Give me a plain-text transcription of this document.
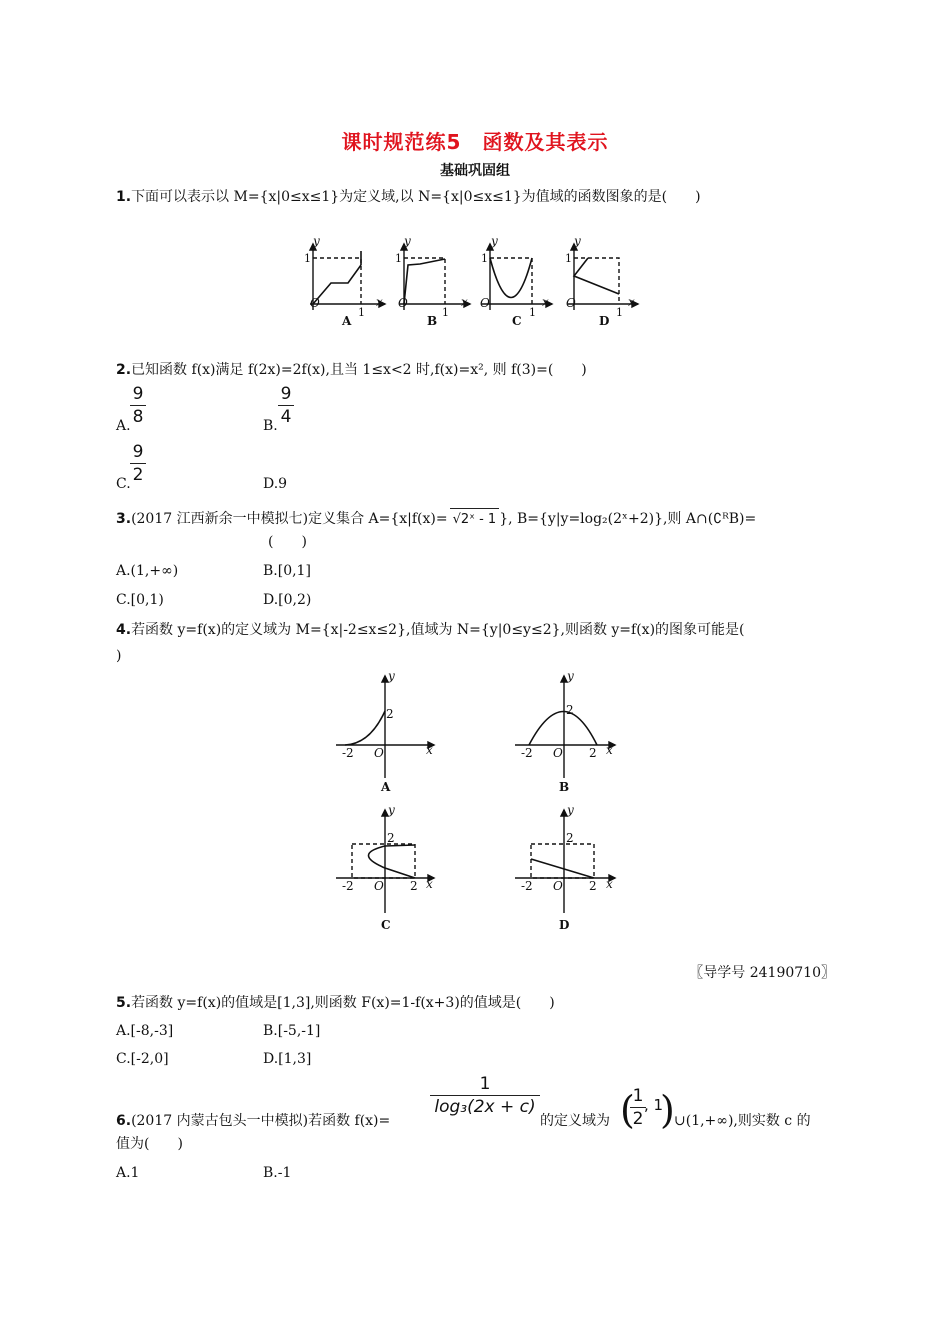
课时规范练5　函数及其表示
基础巩固组
1.下面可以表示以 M={x|0≤x≤1}为定义域,以 N={x|0≤x≤1}为值域的函数图象的是(　　)
y
x
O
y
x
O
y
x
O
y
x
O
1
1
1
1
1
1
1
1
A	B	C	D
2.已知函数 f(x)满足 f(2x)=2f(x),且当 1≤x<2 时,f(x)=x², 则 f(3)=(　　)
A.
9
8	B.
9
4
C.
9
2	D.9
3.(2017 江西新余一中模拟七)定义集合 A={x|f(x)= √2ˣ - 1 }, B={y|y=log₂(2ˣ+2)},则 A∩(∁ᴿB)=
(　　)
A.(1,+∞)	B.[0,1]
C.[0,1)	D.[0,2)
4.若函数 y=f(x)的定义域为 M={x|-2≤x≤2},值域为 N={y|0≤y≤2},则函数 y=f(x)的图象可能是(
)
y
x
O
-2
2
y
x
O
-2	2
2
y
x
O
-2	2
2
y
x
O
-2	2
2
A	B
C	D
〖导学号 24190710〗
5.若函数 y=f(x)的值域是[1,3],则函数 F(x)=1-f(x+3)的值域是(　　)
A.[-8,-3]	B.[-5,-1]
C.[-2,0]	D.[1,3]
6.(2017 内蒙古包头一中模拟)若函数 f(x)=
1
log₃(2x + c)
的定义域为 (
1
2
, 1
) ∪(1,+∞),则实数 c 的
值为(　　)
A.1	B.-1
